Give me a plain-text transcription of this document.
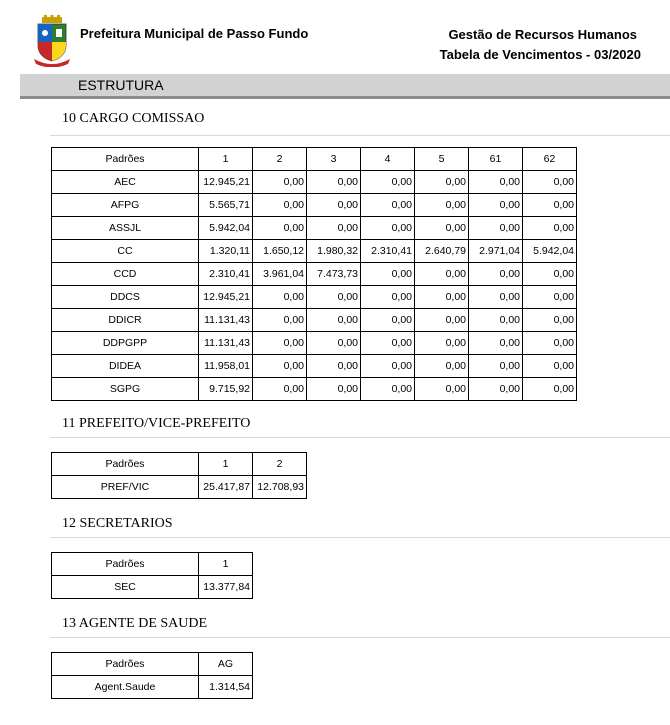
Prefeitura Municipal de Passo Fundo	Gestão de Recursos Humanos
Tabela de Vencimentos - 03/2020
ESTRUTURA
10 CARGO COMISSAO
Padrões	1	2	3	4	5	61	62
AEC	12.945,21	0,00	0,00	0,00	0,00	0,00	0,00
AFPG	5.565,71	0,00	0,00	0,00	0,00	0,00	0,00
ASSJL	5.942,04	0,00	0,00	0,00	0,00	0,00	0,00
CC	1.320,11	1.650,12	1.980,32	2.310,41	2.640,79	2.971,04	5.942,04
CCD	2.310,41	3.961,04	7.473,73	0,00	0,00	0,00	0,00
DDCS	12.945,21	0,00	0,00	0,00	0,00	0,00	0,00
DDICR	11.131,43	0,00	0,00	0,00	0,00	0,00	0,00
DDPGPP	11.131,43	0,00	0,00	0,00	0,00	0,00	0,00
DIDEA	11.958,01	0,00	0,00	0,00	0,00	0,00	0,00
SGPG	9.715,92	0,00	0,00	0,00	0,00	0,00	0,00
11 PREFEITO/VICE-PREFEITO
Padrões	1	2
PREF/VIC	25.417,87	12.708,93
12 SECRETARIOS
Padrões	1
SEC	13.377,84
13 AGENTE DE SAUDE
Padrões	AG
Agent.Saude	1.314,54
